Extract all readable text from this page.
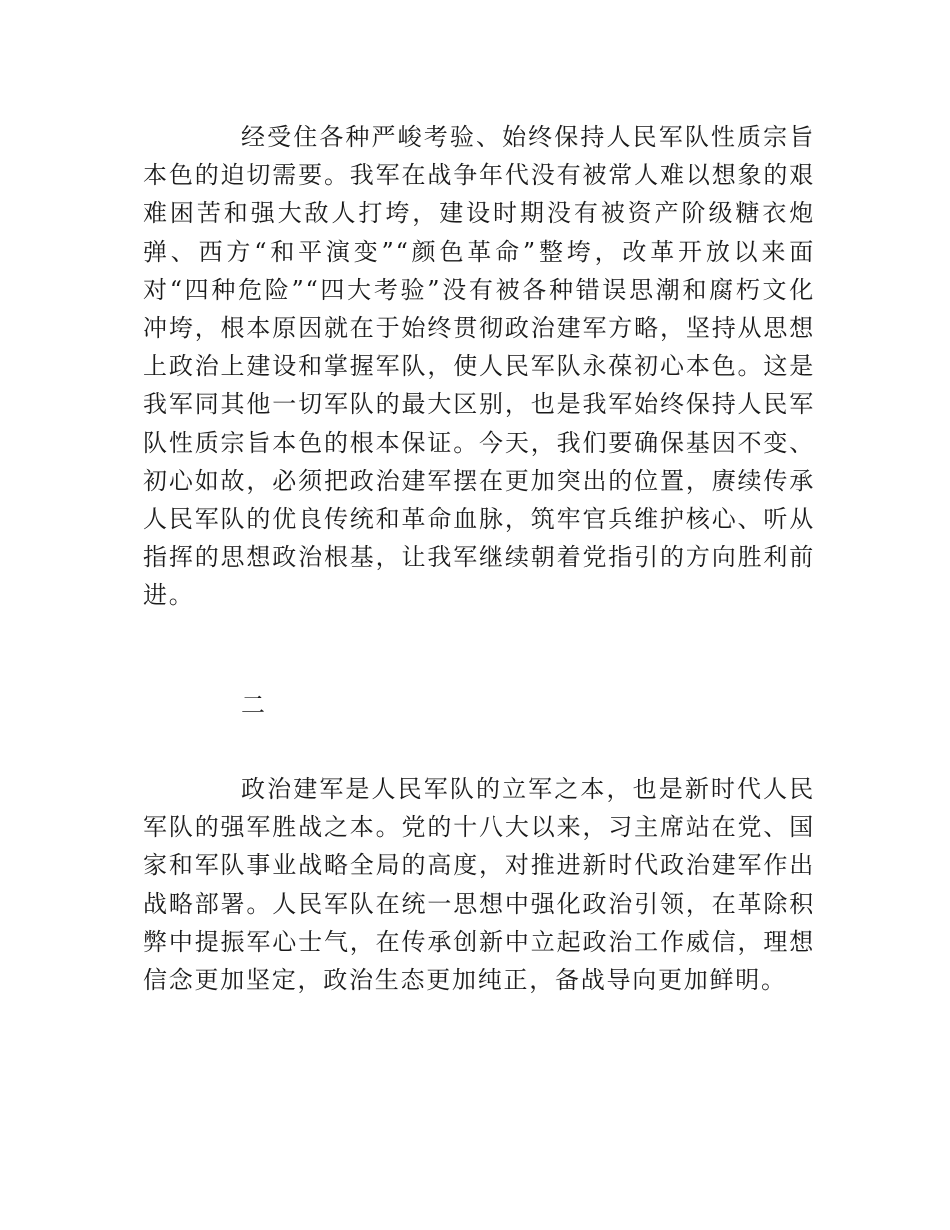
经受住各种严峻考验、始终保持人民军队性质宗旨本色的迫切需要。我军在战争年代没有被常人难以想象的艰难困苦和强大敌人打垮，建设时期没有被资产阶级糖衣炮弹、西方“和平演变”“颜色革命”整垮，改革开放以来面对“四种危险”“四大考验”没有被各种错误思潮和腐朽文化冲垮，根本原因就在于始终贯彻政治建军方略，坚持从思想上政治上建设和掌握军队，使人民军队永葆初心本色。这是我军同其他一切军队的最大区别，也是我军始终保持人民军队性质宗旨本色的根本保证。今天，我们要确保基因不变、初心如故，必须把政治建军摆在更加突出的位置，赓续传承人民军队的优良传统和革命血脉，筑牢官兵维护核心、听从指挥的思想政治根基，让我军继续朝着党指引的方向胜利前进。

二

政治建军是人民军队的立军之本，也是新时代人民军队的强军胜战之本。党的十八大以来，习主席站在党、国家和军队事业战略全局的高度，对推进新时代政治建军作出战略部署。人民军队在统一思想中强化政治引领，在革除积弊中提振军心士气，在传承创新中立起政治工作威信，理想信念更加坚定，政治生态更加纯正，备战导向更加鲜明。
